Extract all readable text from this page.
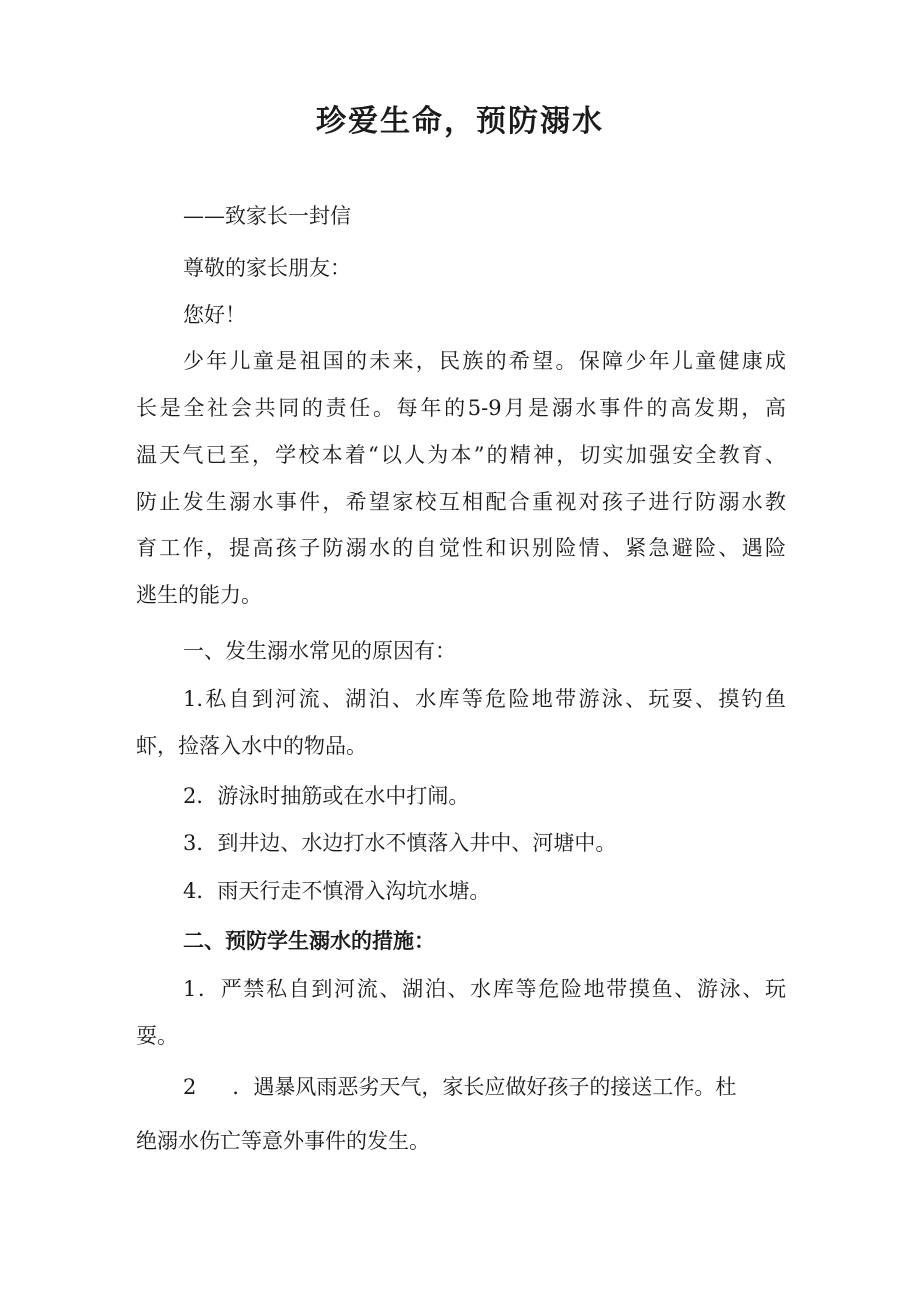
珍爱生命，预防溺水
——致家长一封信
尊敬的家长朋友：
您好！
少年儿童是祖国的未来，民族的希望。保障少年儿童健康成
长是全社会共同的责任。每年的5-9月是溺水事件的高发期，高
温天气已至，学校本着“以人为本”的精神，切实加强安全教育、
防止发生溺水事件，希望家校互相配合重视对孩子进行防溺水教
育工作，提高孩子防溺水的自觉性和识别险情、紧急避险、遇险
逃生的能力。
一、发生溺水常见的原因有：
1.私自到河流、湖泊、水库等危险地带游泳、玩耍、摸钓鱼
虾，捡落入水中的物品。
2．游泳时抽筋或在水中打闹。
3．到井边、水边打水不慎落入井中、河塘中。
4．雨天行走不慎滑入沟坑水塘。
二、预防学生溺水的措施：
1．严禁私自到河流、湖泊、水库等危险地带摸鱼、游泳、玩
耍。
2 ．遇暴风雨恶劣天气，家长应做好孩子的接送工作。杜
绝溺水伤亡等意外事件的发生。
